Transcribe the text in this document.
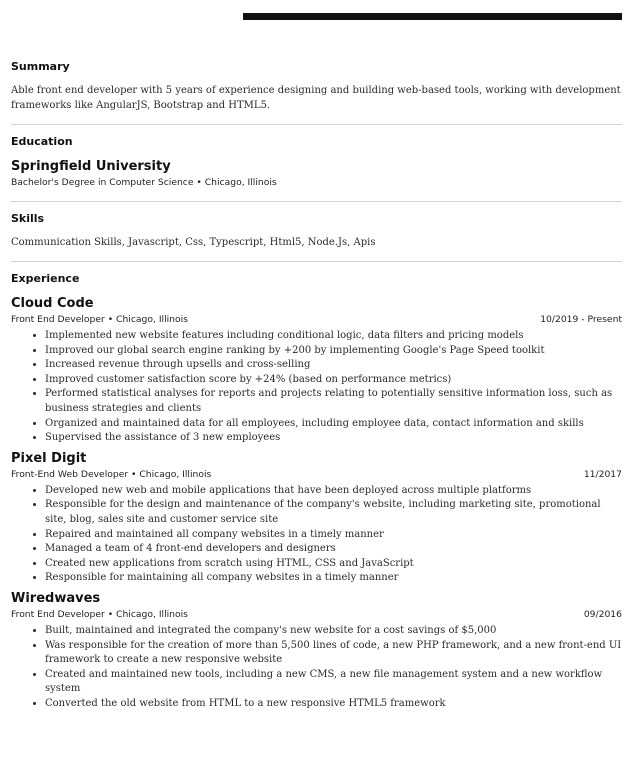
Summary

Able front end developer with 5 years of experience designing and building web-based tools, working with development frameworks like AngularJS, Bootstrap and HTML5.

Education
Springfield University
Bachelor's Degree in Computer Science • Chicago, Illinois
Skills

Communication Skills, Javascript, Css, Typescript, Html5, Node.Js, Apis

Experience
Cloud Code
Front End Developer • Chicago, Illinois	10/2019 - Present
• Implemented new website features including conditional logic, data filters and pricing models
• Improved our global search engine ranking by +200 by implementing Google's Page Speed toolkit
• Increased revenue through upsells and cross-selling
• Improved customer satisfaction score by +24% (based on performance metrics)
• Performed statistical analyses for reports and projects relating to potentially sensitive information loss, such as business strategies and clients
• Organized and maintained data for all employees, including employee data, contact information and skills
• Supervised the assistance of 3 new employees
Pixel Digit
Front-End Web Developer • Chicago, Illinois	11/2017
• Developed new web and mobile applications that have been deployed across multiple platforms
• Responsible for the design and maintenance of the company's website, including marketing site, promotional site, blog, sales site and customer service site
• Repaired and maintained all company websites in a timely manner
• Managed a team of 4 front-end developers and designers
• Created new applications from scratch using HTML, CSS and JavaScript
• Responsible for maintaining all company websites in a timely manner
Wiredwaves
Front End Developer • Chicago, Illinois	09/2016
• Built, maintained and integrated the company's new website for a cost savings of $5,000
• Was responsible for the creation of more than 5,500 lines of code, a new PHP framework, and a new front-end UI framework to create a new responsive website
• Created and maintained new tools, including a new CMS, a new file management system and a new workflow system
• Converted the old website from HTML to a new responsive HTML5 framework
